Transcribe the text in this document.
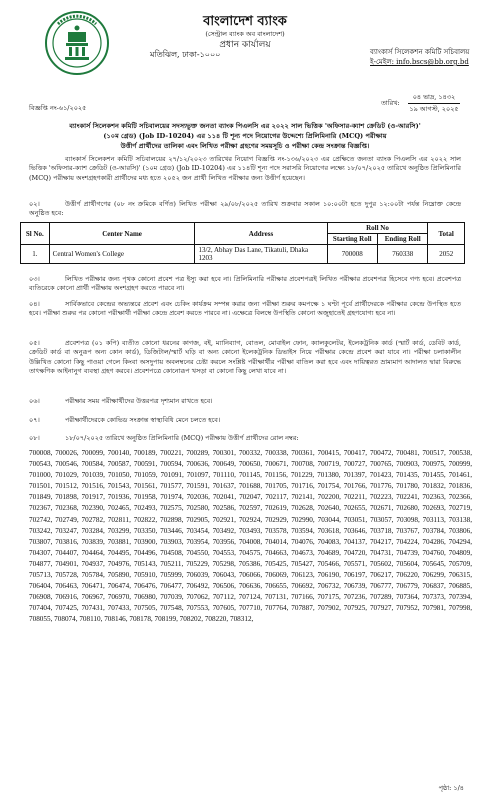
বাংলাদেশ ব্যাংক
(সেন্ট্রাল ব্যাংক অব বাংলাদেশ)
প্রধান কার্যালয়
মতিঝিল, ঢাকা-১০০০	ব্যাংকার্স সিলেকশন কমিটি সচিবালয়
ই-মেইল: info.bscs@bb.org.bd
বিজ্ঞপ্তি নং-৬১/২০২৫
তারিখ:
০৪ ভাদ্র, ১৪৩২
১৯ আগস্ট, ২০২৫
ব্যাংকার্স সিলেকশন কমিটি সচিবালয়ের সদস্যভুক্ত জনতা ব্যাংক পিএলসি এর ২০২২ সাল ভিত্তিক 'অফিসার-ক্যাশ ক্রেডিট (ও-আরসি)'
(১০ম গ্রেড) (Job ID-10204) এর ১১৪ টি শূন্য পদে নিয়োগের উদ্দেশ্যে প্রিলিমিনারি (MCQ) পরীক্ষায়
উত্তীর্ণ প্রার্থীদের তালিকা এবং লিখিত পরীক্ষা গ্রহণের সময়সূচি ও পরীক্ষা কেন্দ্র সংক্রান্ত বিজ্ঞপ্তি।
ব্যাংকার্স সিলেকশন কমিটি সচিবালয়ের ২৭/১২/২০২৩ তারিখের নিয়োগ বিজ্ঞপ্তি নং-১৩৬/২০২৩ এর প্রেক্ষিতে জনতা ব্যাংক পিএলসি এর ২০২২ সাল ভিত্তিক 'অফিসার-ক্যাশ ক্রেডিট (ও-আরসি)' (১০ম গ্রেড) (Job ID-10204) এর ১১৪টি শূন্য পদে সরাসরি নিয়োগের লক্ষ্যে ১৮/০৭/২০২৫ তারিখে অনুষ্ঠিত প্রিলিমিনারি (MCQ) পরীক্ষায় অংশগ্রহণকারী প্রার্থীদের মধ্য হতে ২০৫২ জন প্রার্থী লিখিত পরীক্ষার জন্য উত্তীর্ণ হয়েছেন।
০২।	উত্তীর্ণ প্রার্থীগণের (০৮ নং ক্রমিকে বর্ণিত) লিখিত পরীক্ষা ২৯/০৮/২০২৫ তারিখ শুক্রবার সকাল ১০:০০টা হতে দুপুর ১২:০০টা পর্যন্ত নিম্নোক্ত কেন্দ্রে অনুষ্ঠিত হবে:
Sl No.	Center Name	Address	Roll No		Total
			Starting Roll	Ending Roll	
1.	Central Women's College	13/2, Abhay Das Lane, Tikatuli, Dhaka 1203	700008	760338	2052
০৩।	লিখিত পরীক্ষার জন্য পৃথক কোনো প্রবেশ পত্র ইস্যু করা হবে না। প্রিলিমিনারি পরীক্ষার প্রবেশপত্রই লিখিত পরীক্ষার প্রবেশপত্র হিসেবে গণ্য হবে। প্রবেশপত্র ব্যতিরেকে কোনো প্রার্থী পরীক্ষায় অংশগ্রহণ করতে পারবে না।
০৪।	সার্বিকভাবে কেন্দ্রের অভ্যন্তরে প্রবেশ এবং চেকিং কার্যক্রম সম্পন্ন করার জন্য পরীক্ষা শুরুর কমপক্ষে ১ ঘণ্টা পূর্বে প্রার্থীদেরকে পরীক্ষার কেন্দ্রে উপস্থিত হতে হবে। পরীক্ষা শুরুর পর কোনো পরীক্ষার্থী পরীক্ষা কেন্দ্রে প্রবেশ করতে পারবে না। এক্ষেত্রে বিলম্বে উপস্থিতি কোনো অজুহাতেই গ্রহণযোগ্য হবে না।
০৫।	প্রবেশপত্র (০১ কপি) ব্যতীত কোনো ধরনের কাগজ, বই, ম্যানিব্যাগ, বোতল, মোবাইল ফোন, ক্যালকুলেটর, ইলেকট্রনিক কার্ড (স্মার্ট কার্ড, ডেবিট কার্ড, ক্রেডিট কার্ড বা অনুরূপ অন্য কোন কার্ড), ডিজিটাল/স্মার্ট ঘড়ি বা অন্য কোনো ইলেকট্রনিক ডিভাইস নিয়ে পরীক্ষার কেন্দ্রে প্রবেশ করা যাবে না। পরীক্ষা চলাকালীন উল্লিখিত কোনো কিছু পাওয়া গেলে কিংবা অসদুপায় অবলম্বনের চেষ্টা করলে সংশ্লিষ্ট পরীক্ষার্থীর পরীক্ষা বাতিল করা হবে এবং দায়িত্বরত ভ্রাম্যমাণ আদালত দ্বারা বিরুদ্ধে তাৎক্ষণিক আইনানুগ ব্যবস্থা গ্রহণ করবে। প্রবেশপত্রে কোনোরূপ খসড়া বা কোনো কিছু লেখা যাবে না।
০৬।	পরীক্ষার সময় পরীক্ষার্থীদের উত্তরপত্র দৃশ্যমান রাখতে হবে।
০৭।	পরীক্ষার্থীদেরকে কোভিড সংক্রান্ত স্বাস্থ্যবিধি মেনে চলতে হবে।
০৮।	১৮/০৭/২০২৫ তারিখে অনুষ্ঠিত প্রিলিমিনারি (MCQ) পরীক্ষায় উত্তীর্ণ প্রার্থীদের রোল নম্বর:
700008, 700026, 700099, 700140, 700189, 700221, 700289, 700301, 700332, 700338, 700361, 700415, 700417, 700472, 700481, 700517, 700538, 700543, 700546, 700584, 700587, 700591, 700594, 700636, 700649, 700650, 700671, 700708, 700719, 700727, 700765, 700903, 700975, 700999, 701000, 701029, 701039, 701050, 701059, 701091, 701097, 701110, 701145, 701156, 701229, 701380, 701397, 701423, 701435, 701455, 701461, 701501, 701512, 701516, 701543, 701561, 701577, 701591, 701637, 701688, 701705, 701716, 701754, 701766, 701776, 701780, 701832, 701836, 701849, 701898, 701917, 701936, 701958, 701974, 702036, 702041, 702047, 702117, 702141, 702200, 702211, 702223, 702241, 702363, 702366, 702367, 702368, 702390, 702465, 702493, 702575, 702580, 702586, 702597, 702619, 702628, 702640, 702655, 702671, 702680, 702693, 702719, 702742, 702749, 702782, 702811, 702822, 702898, 702905, 702921, 702924, 702929, 702990, 703044, 703051, 703057, 703098, 703113, 703138, 703242, 703247, 703284, 703299, 703350, 703446, 703454, 703492, 703493, 703578, 703594, 703618, 703646, 703718, 703767, 703784, 703806, 703807, 703816, 703839, 703881, 703900, 703903, 703954, 703956, 704008, 704014, 704076, 704083, 704137, 704217, 704224, 704286, 704294, 704307, 704407, 704464, 704495, 704496, 704508, 704550, 704553, 704575, 704663, 704673, 704689, 704720, 704731, 704739, 704760, 704809, 704877, 704901, 704937, 704976, 705143, 705211, 705229, 705298, 705386, 705425, 705427, 705466, 705571, 705602, 705604, 705645, 705709, 705713, 705728, 705784, 705890, 705910, 705999, 706039, 706043, 706066, 706069, 706123, 706190, 706197, 706217, 706220, 706299, 706315, 706404, 706463, 706471, 706474, 706476, 706477, 706492, 706506, 706636, 706655, 706692, 706732, 706739, 706777, 706779, 706837, 706885, 706908, 706916, 706967, 706970, 706980, 707039, 707062, 707112, 707124, 707131, 707166, 707175, 707236, 707289, 707364, 707373, 707394, 707404, 707425, 707431, 707433, 707505, 707548, 707553, 707605, 707710, 707764, 707887, 707902, 707925, 707927, 707952, 707981, 707998, 708055, 708074, 708110, 708146, 708178, 708199, 708202, 708220, 708312,
পৃষ্ঠা: ১/৪
